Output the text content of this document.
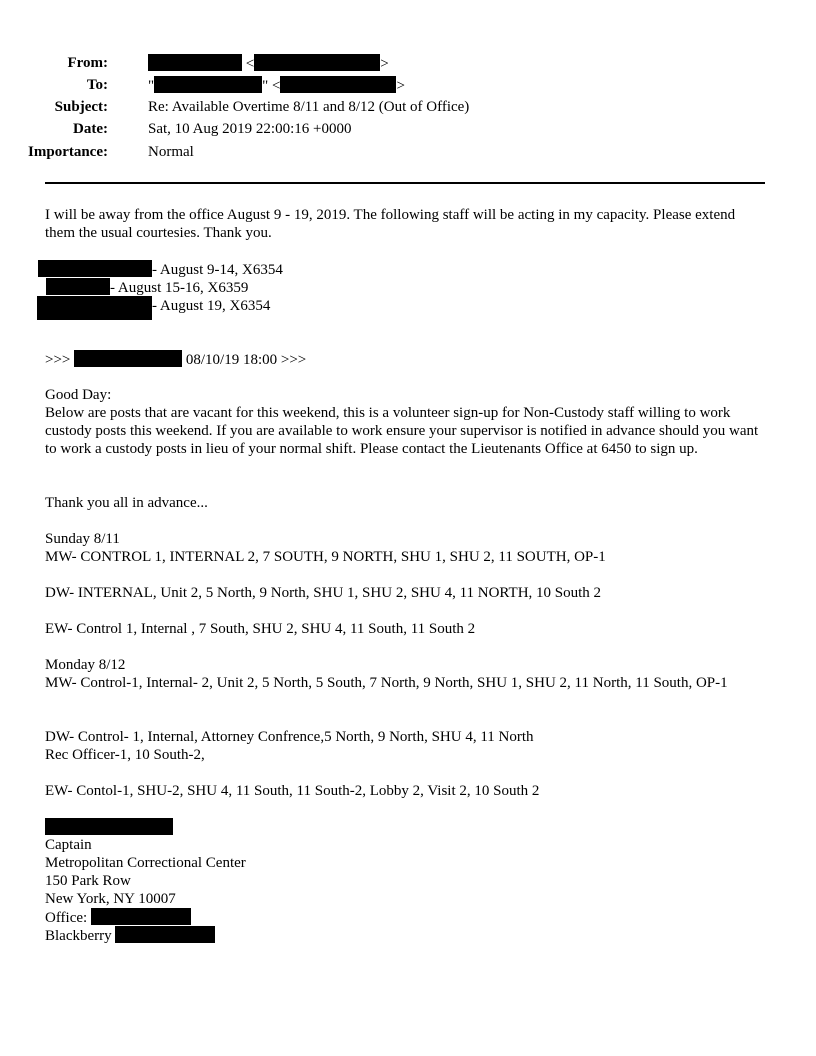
From:	<	>
To:	"	" <	>
Subject:	Re: Available Overtime 8/11 and 8/12 (Out of Office)
Date:	Sat, 10 Aug 2019 22:00:16 +0000
Importance:	Normal
I will be away from the office August 9 - 19, 2019. The following staff will be acting in my capacity. Please extend them the usual courtesies. Thank you.
- August 9-14, X6354
- August 15-16, X6359
- August 19, X6354
>>>	08/10/19 18:00 >>>
Good Day:
Below are posts that are vacant for this weekend, this is a volunteer sign-up for Non-Custody staff willing to work custody posts this weekend. If you are available to work ensure your supervisor is notified in advance should you want to work a custody posts in lieu of your normal shift. Please contact the Lieutenants Office at 6450 to sign up.
Thank you all in advance...
Sunday 8/11
MW- CONTROL 1, INTERNAL 2, 7 SOUTH, 9 NORTH, SHU 1, SHU 2, 11 SOUTH, OP-1
DW- INTERNAL, Unit 2, 5 North, 9 North, SHU 1, SHU 2, SHU 4, 11 NORTH, 10 South 2
EW- Control 1, Internal , 7 South, SHU 2, SHU 4, 11 South, 11 South 2
Monday 8/12
MW- Control-1, Internal- 2, Unit 2, 5 North, 5 South, 7 North, 9 North, SHU 1, SHU 2, 11 North, 11 South, OP-1
DW- Control- 1, Internal, Attorney Confrence,5 North, 9 North, SHU 4, 11 North
Rec Officer-1, 10 South-2,
EW- Contol-1, SHU-2, SHU 4, 11 South, 11 South-2, Lobby 2, Visit 2, 10 South 2
Captain
Metropolitan Correctional Center
150 Park Row
New York, NY 10007
Office:
Blackberry
